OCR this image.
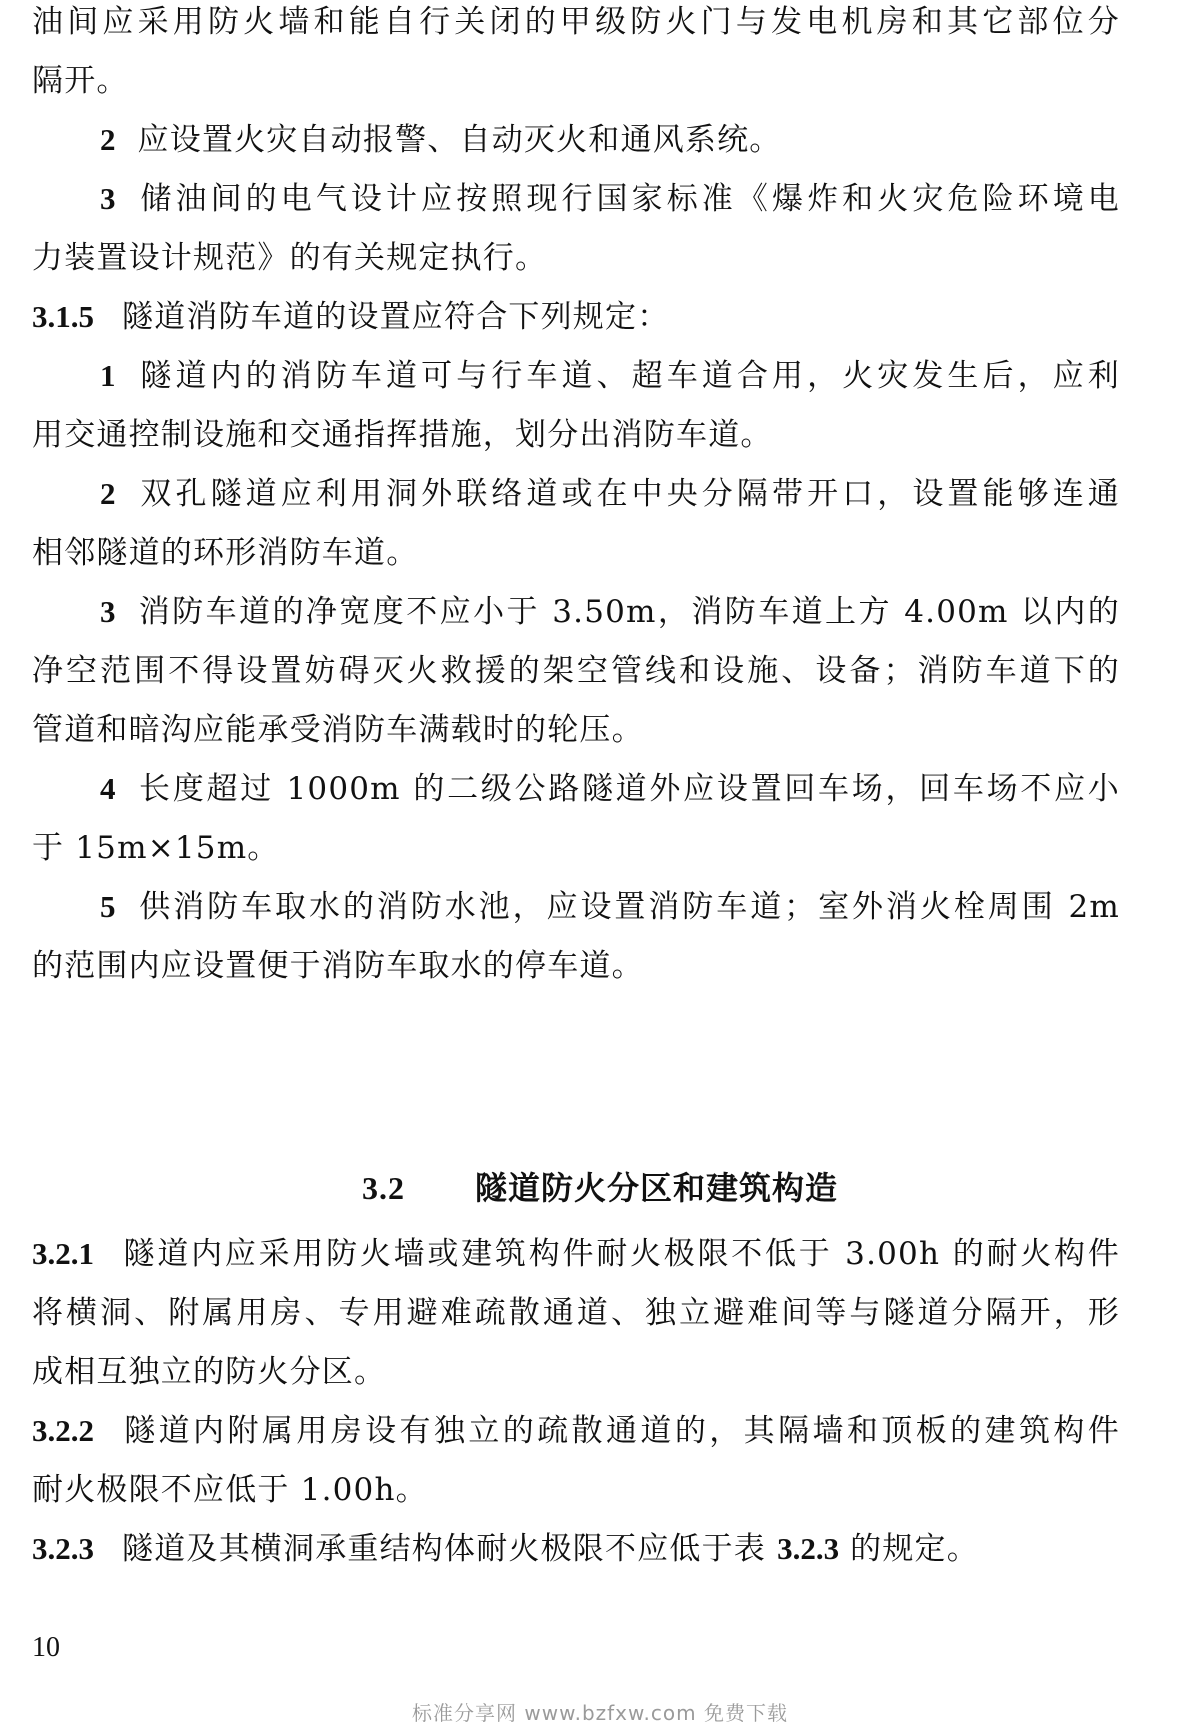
油间应采用防火墙和能自行关闭的甲级防火门与发电机房和其它部位分
隔开。
2 应设置火灾自动报警、自动灭火和通风系统。
3 储油间的电气设计应按照现行国家标准《爆炸和火灾危险环境电
力装置设计规范》的有关规定执行。
3.1.5 隧道消防车道的设置应符合下列规定：
1 隧道内的消防车道可与行车道、超车道合用，火灾发生后，应利
用交通控制设施和交通指挥措施，划分出消防车道。
2 双孔隧道应利用洞外联络道或在中央分隔带开口，设置能够连通
相邻隧道的环形消防车道。
3 消防车道的净宽度不应小于 3.50m，消防车道上方 4.00m 以内的
净空范围不得设置妨碍灭火救援的架空管线和设施、设备；消防车道下的
管道和暗沟应能承受消防车满载时的轮压。
4 长度超过 1000m 的二级公路隧道外应设置回车场，回车场不应小
于 15m×15m。
5 供消防车取水的消防水池，应设置消防车道；室外消火栓周围 2m
的范围内应设置便于消防车取水的停车道。
3.2 隧道防火分区和建筑构造
3.2.1 隧道内应采用防火墙或建筑构件耐火极限不低于 3.00h 的耐火构件
将横洞、附属用房、专用避难疏散通道、独立避难间等与隧道分隔开，形
成相互独立的防火分区。
3.2.2 隧道内附属用房设有独立的疏散通道的，其隔墙和顶板的建筑构件
耐火极限不应低于 1.00h。
3.2.3 隧道及其横洞承重结构体耐火极限不应低于表 3.2.3 的规定。
10
标准分享网 www.bzfxw.com 免费下载
